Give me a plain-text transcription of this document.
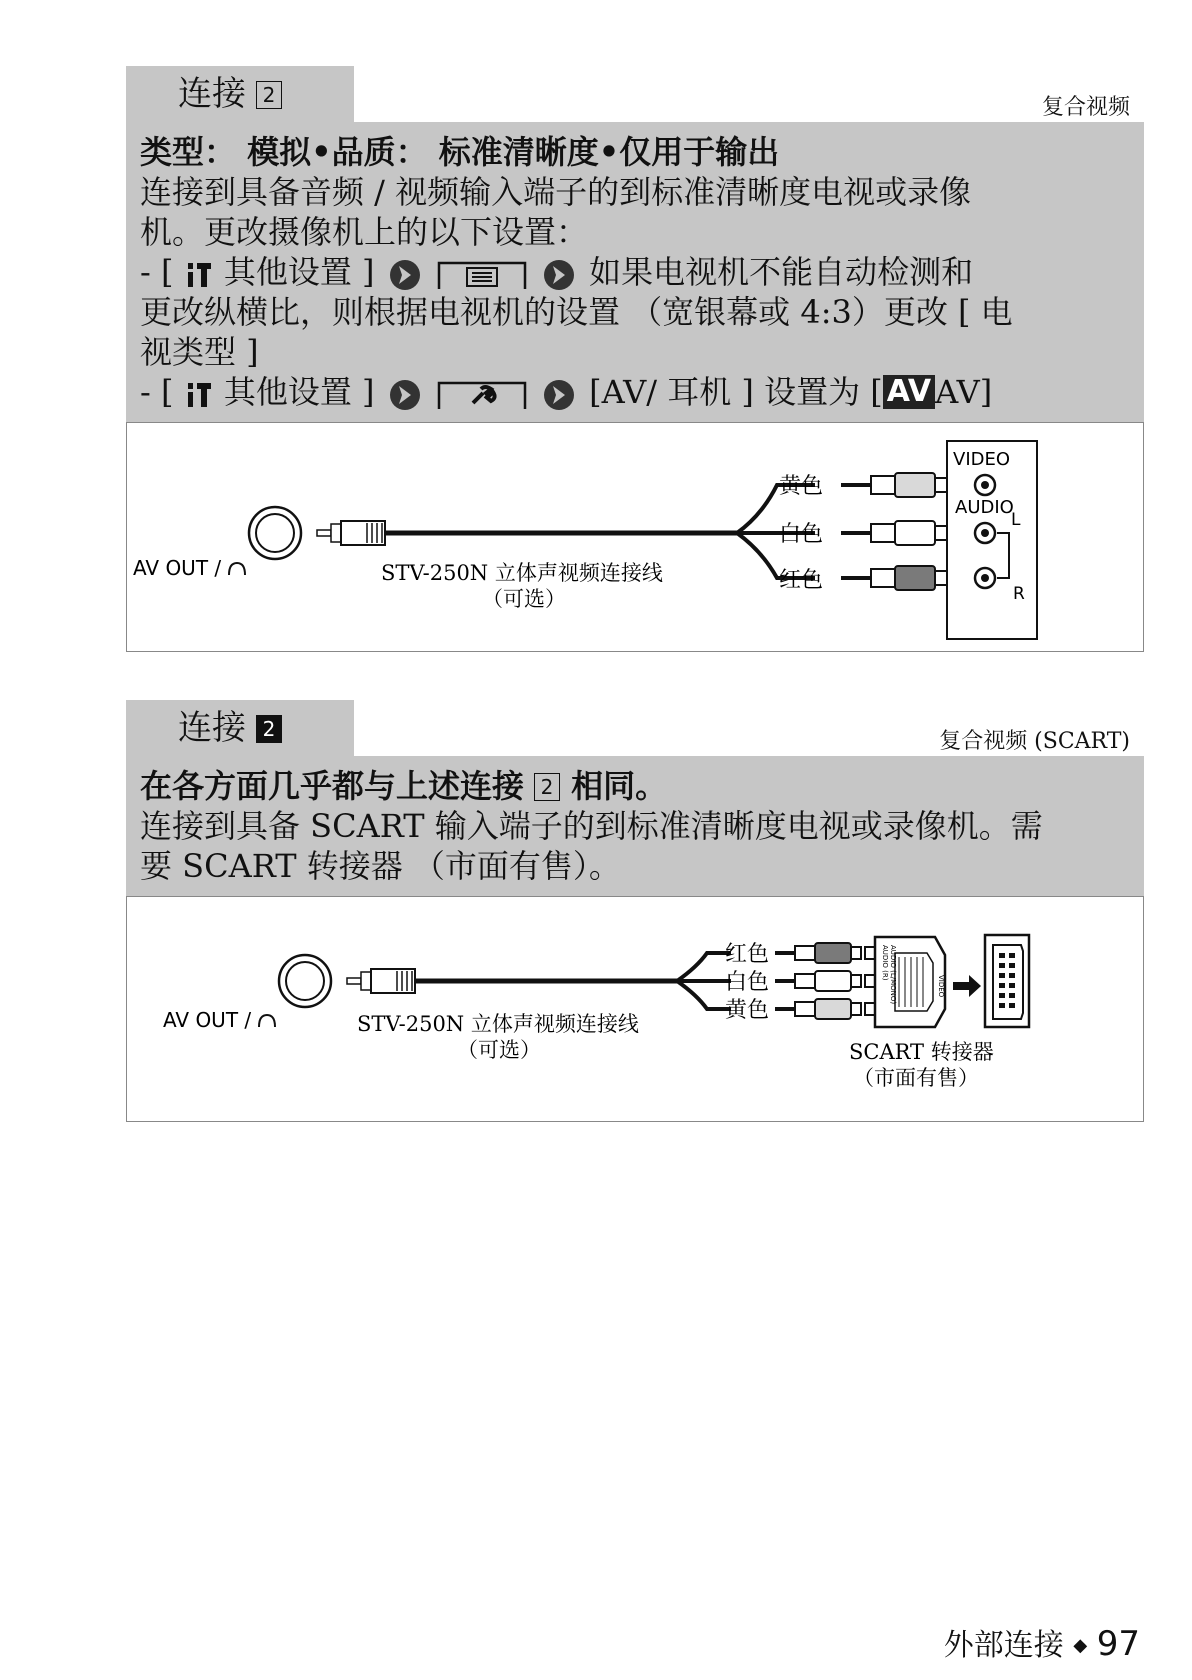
连接 2	复合视频
类型： 模拟•品质： 标准清晰度•仅用于输出
连接到具备音频 / 视频输入端子的到标准清晰度电视或录像
机。更改摄像机上的以下设置：
- [ 其他设置 ]	如果电视机不能自动检测和
更改纵横比，则根据电视机的设置 （宽银幕或 4:3）更改 [ 电
视类型 ]
- [ 其他设置 ]	[AV/ 耳机 ] 设置为 [ AV AV]
AV OUT /	STV-250N 立体声视频连接线
（可选）
黄色
白色
红色
VIDEO
AUDIO
L
R
连接 2	复合视频 (SCART)
在各方面几乎都与上述连接 2 相同。
连接到具备 SCART 输入端子的到标准清晰度电视或录像机。需
要 SCART 转接器 （市面有售）。
AV OUT /	STV-250N 立体声视频连接线
（可选）
红色
白色
黄色
AUDIO (R) AUDIO (L/MONO)	VIDEO
SCART 转接器
（市面有售）
外部连接 ◆ 97
